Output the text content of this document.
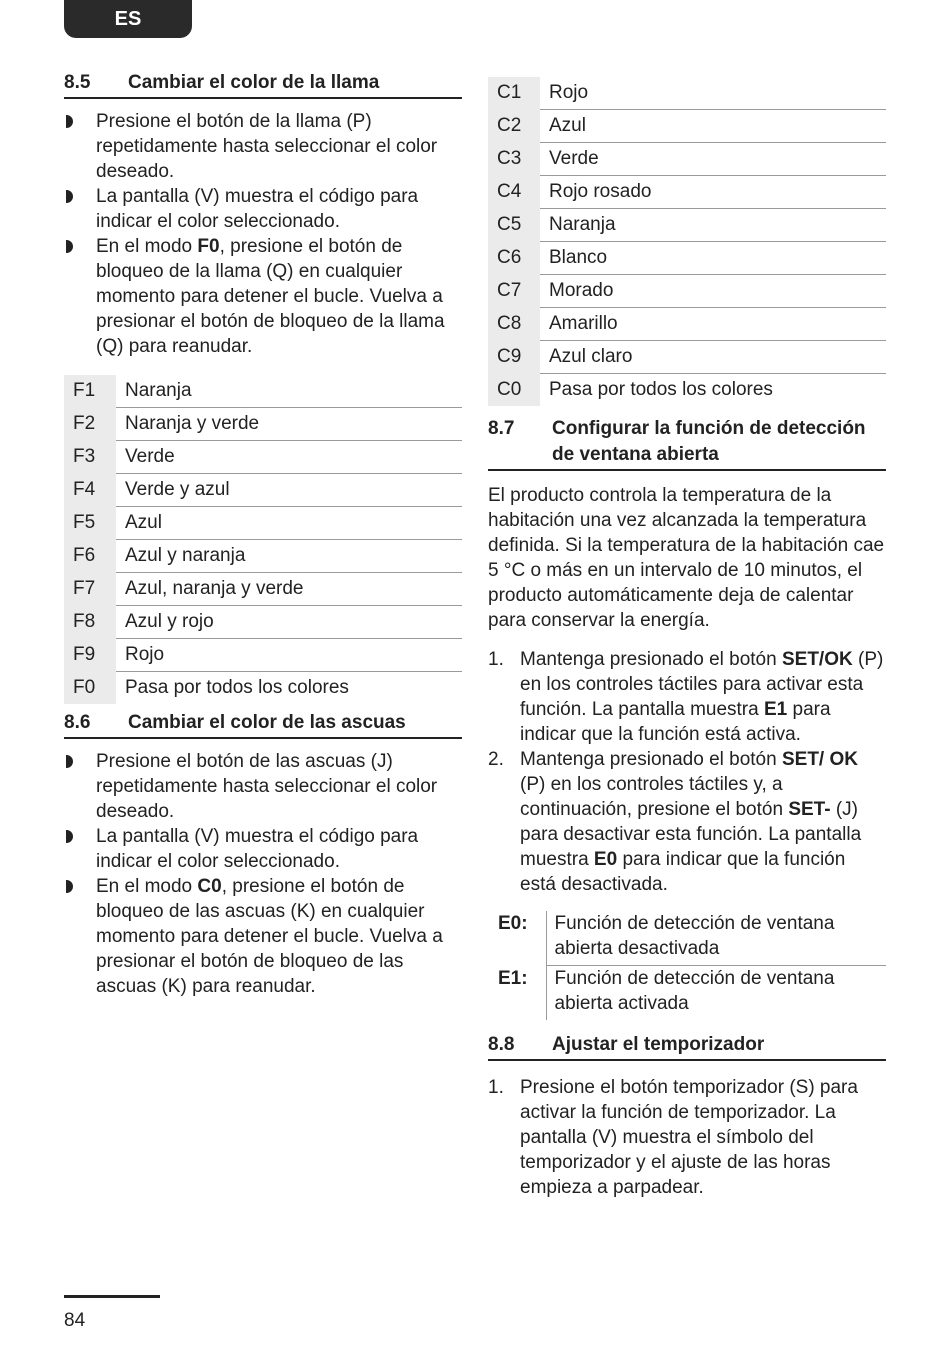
ES
8.5	Cambiar el color de la llama
Presione el botón de la llama (P) repetidamente hasta seleccionar el color deseado.
La pantalla (V) muestra el código para indicar el color seleccionado.
En el modo F0, presione el botón de bloqueo de la llama (Q) en cualquier momento para detener el bucle. Vuelva a presionar el botón de bloqueo de la llama (Q) para reanudar.
F1	Naranja
F2	Naranja y verde
F3	Verde
F4	Verde y azul
F5	Azul
F6	Azul y naranja
F7	Azul, naranja y verde
F8	Azul y rojo
F9	Rojo
F0	Pasa por todos los colores
8.6	Cambiar el color de las ascuas
Presione el botón de las ascuas (J) repetidamente hasta seleccionar el color deseado.
La pantalla (V) muestra el código para indicar el color seleccionado.
En el modo C0, presione el botón de bloqueo de las ascuas (K) en cualquier momento para detener el bucle. Vuelva a presionar el botón de bloqueo de las ascuas (K) para reanudar.
C1	Rojo
C2	Azul
C3	Verde
C4	Rojo rosado
C5	Naranja
C6	Blanco
C7	Morado
C8	Amarillo
C9	Azul claro
C0	Pasa por todos los colores
8.7	Configurar la función de detección de ventana abierta

El producto controla la temperatura de la habitación una vez alcanzada la temperatura definida. Si la temperatura de la habitación cae 5 °C o más en un intervalo de 10 minutos, el producto automáticamente deja de calentar para conservar la energía.

1. Mantenga presionado el botón SET/OK (P) en los controles táctiles para activar esta función. La pantalla muestra E1 para indicar que la función está activa.
2. Mantenga presionado el botón SET/ OK (P) en los controles táctiles y, a continuación, presione el botón SET- (J) para desactivar esta función. La pantalla muestra E0 para indicar que la función está desactivada.
E0:	Función de detección de ventana abierta desactivada
E1:	Función de detección de ventana abierta activada
8.8	Ajustar el temporizador
1. Presione el botón temporizador (S) para activar la función de temporizador. La pantalla (V) muestra el símbolo del temporizador y el ajuste de las horas empieza a parpadear.
84
